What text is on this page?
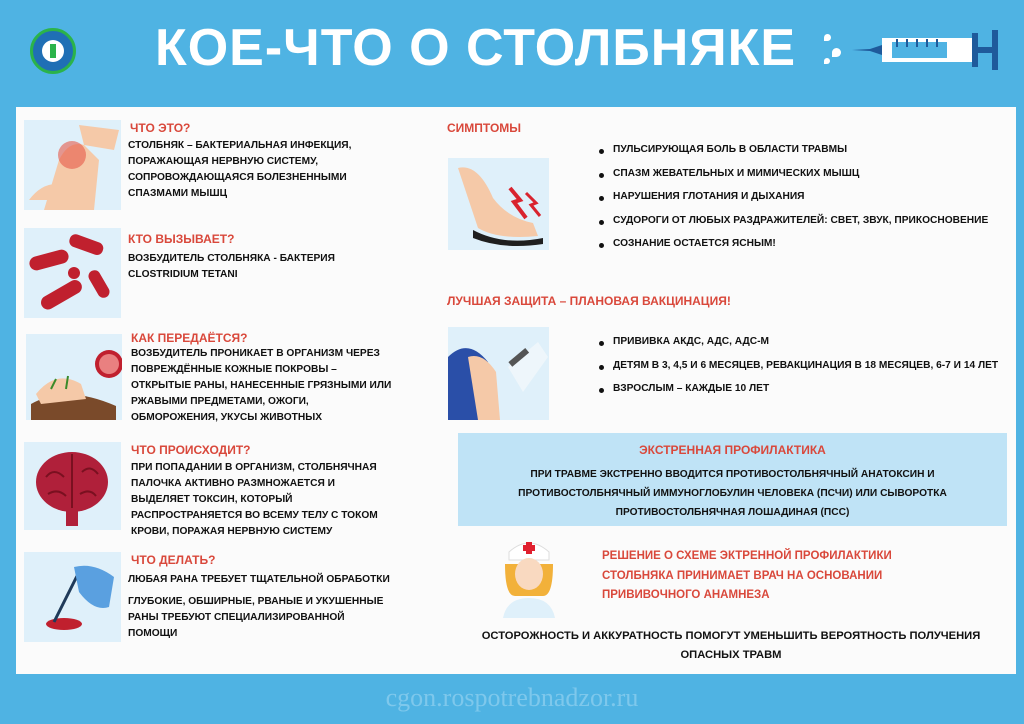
КОЕ-ЧТО О СТОЛБНЯКЕ
ЧТО ЭТО?
СТОЛБНЯК – БАКТЕРИАЛЬНАЯ ИНФЕКЦИЯ, ПОРАЖАЮЩАЯ НЕРВНУЮ СИСТЕМУ, СОПРОВОЖДАЮЩАЯСЯ БОЛЕЗНЕННЫМИ СПАЗМАМИ МЫШЦ
КТО ВЫЗЫВАЕТ?
ВОЗБУДИТЕЛЬ СТОЛБНЯКА - БАКТЕРИЯ CLOSTRIDIUM TETANI
КАК ПЕРЕДАЁТСЯ?
ВОЗБУДИТЕЛЬ ПРОНИКАЕТ В ОРГАНИЗМ ЧЕРЕЗ ПОВРЕЖДЁННЫЕ КОЖНЫЕ ПОКРОВЫ – ОТКРЫТЫЕ РАНЫ, НАНЕСЕННЫЕ ГРЯЗНЫМИ ИЛИ РЖАВЫМИ ПРЕДМЕТАМИ, ОЖОГИ, ОБМОРОЖЕНИЯ, УКУСЫ ЖИВОТНЫХ
ЧТО ПРОИСХОДИТ?
ПРИ ПОПАДАНИИ В ОРГАНИЗМ, СТОЛБНЯЧНАЯ ПАЛОЧКА АКТИВНО РАЗМНОЖАЕТСЯ И ВЫДЕЛЯЕТ ТОКСИН, КОТОРЫЙ РАСПРОСТРАНЯЕТСЯ ВО ВСЕМУ ТЕЛУ С ТОКОМ КРОВИ, ПОРАЖАЯ НЕРВНУЮ СИСТЕМУ
ЧТО ДЕЛАТЬ?
ЛЮБАЯ РАНА ТРЕБУЕТ ТЩАТЕЛЬНОЙ ОБРАБОТКИ
ГЛУБОКИЕ, ОБШИРНЫЕ, РВАНЫЕ И УКУШЕННЫЕ РАНЫ ТРЕБУЮТ СПЕЦИАЛИЗИРОВАННОЙ ПОМОЩИ
СИМПТОМЫ
ПУЛЬСИРУЮЩАЯ БОЛЬ В ОБЛАСТИ ТРАВМЫ
СПАЗМ ЖЕВАТЕЛЬНЫХ И МИМИЧЕСКИХ МЫШЦ
НАРУШЕНИЯ ГЛОТАНИЯ И ДЫХАНИЯ
СУДОРОГИ ОТ ЛЮБЫХ РАЗДРАЖИТЕЛЕЙ: СВЕТ, ЗВУК, ПРИКОСНОВЕНИЕ
СОЗНАНИЕ ОСТАЕТСЯ ЯСНЫМ!
ЛУЧШАЯ ЗАЩИТА – ПЛАНОВАЯ ВАКЦИНАЦИЯ!
ПРИВИВКА АКДС, АДС, АДС-М
ДЕТЯМ В 3, 4,5 И 6 МЕСЯЦЕВ, РЕВАКЦИНАЦИЯ В 18 МЕСЯЦЕВ, 6-7 И 14 ЛЕТ
ВЗРОСЛЫМ – КАЖДЫЕ 10 ЛЕТ
ЭКСТРЕННАЯ ПРОФИЛАКТИКА
ПРИ ТРАВМЕ ЭКСТРЕННО ВВОДИТСЯ ПРОТИВОСТОЛБНЯЧНЫЙ АНАТОКСИН И ПРОТИВОСТОЛБНЯЧНЫЙ ИММУНОГЛОБУЛИН ЧЕЛОВЕКА (ПСЧИ) ИЛИ СЫВОРОТКА ПРОТИВОСТОЛБНЯЧНАЯ ЛОШАДИНАЯ (ПСС)
РЕШЕНИЕ О СХЕМЕ ЭКТРЕННОЙ ПРОФИЛАКТИКИ
СТОЛБНЯКА ПРИНИМАЕТ ВРАЧ НА ОСНОВАНИИ
ПРИВИВОЧНОГО АНАМНЕЗА
ОСТОРОЖНОСТЬ И АККУРАТНОСТЬ ПОМОГУТ УМЕНЬШИТЬ ВЕРОЯТНОСТЬ ПОЛУЧЕНИЯ ОПАСНЫХ ТРАВМ
cgon.rospotrebnadzor.ru
